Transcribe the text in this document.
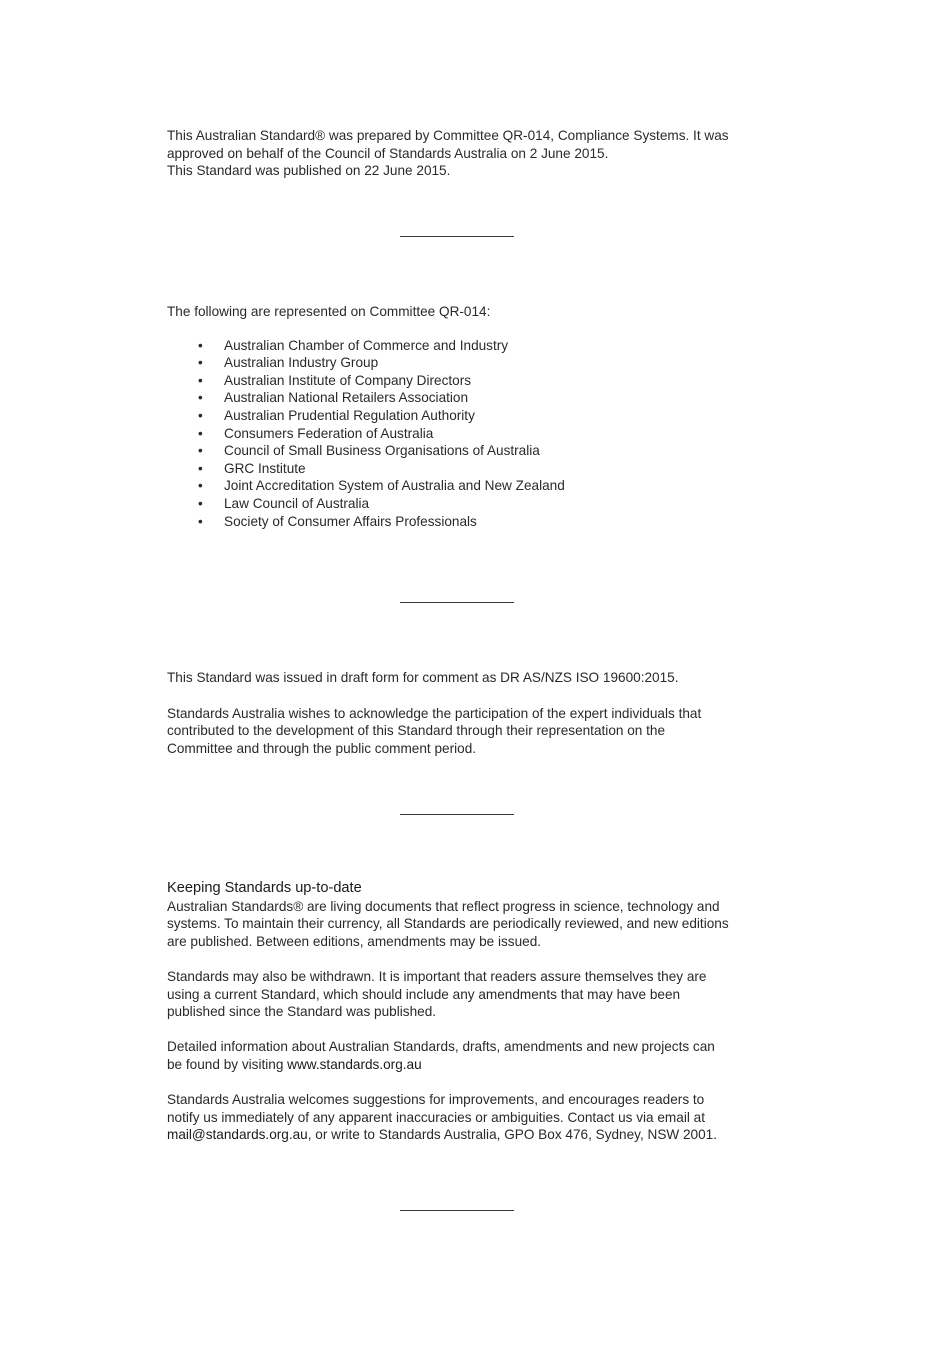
This Australian Standard® was prepared by Committee QR-014, Compliance Systems. It was

approved on behalf of the Council of Standards Australia on 2 June 2015.

This Standard was published on 22 June 2015.

The following are represented on Committee QR-014:

• Australian Chamber of Commerce and Industry
• Australian Industry Group
• Australian Institute of Company Directors
• Australian National Retailers Association
• Australian Prudential Regulation Authority
• Consumers Federation of Australia
• Council of Small Business Organisations of Australia
• GRC Institute
• Joint Accreditation System of Australia and New Zealand
• Law Council of Australia
• Society of Consumer Affairs Professionals

This Standard was issued in draft form for comment as DR AS/NZS ISO 19600:2015.

Standards Australia wishes to acknowledge the participation of the expert individuals that

contributed to the development of this Standard through their representation on the

Committee and through the public comment period.

Keeping Standards up-to-date

Australian Standards® are living documents that reflect progress in science, technology and

systems. To maintain their currency, all Standards are periodically reviewed, and new editions

are published. Between editions, amendments may be issued.

Standards may also be withdrawn. It is important that readers assure themselves they are

using a current Standard, which should include any amendments that may have been

published since the Standard was published.

Detailed information about Australian Standards, drafts, amendments and new projects can

be found by visiting www.standards.org.au

Standards Australia welcomes suggestions for improvements, and encourages readers to

notify us immediately of any apparent inaccuracies or ambiguities. Contact us via email at

mail@standards.org.au, or write to Standards Australia, GPO Box 476, Sydney, NSW 2001.
